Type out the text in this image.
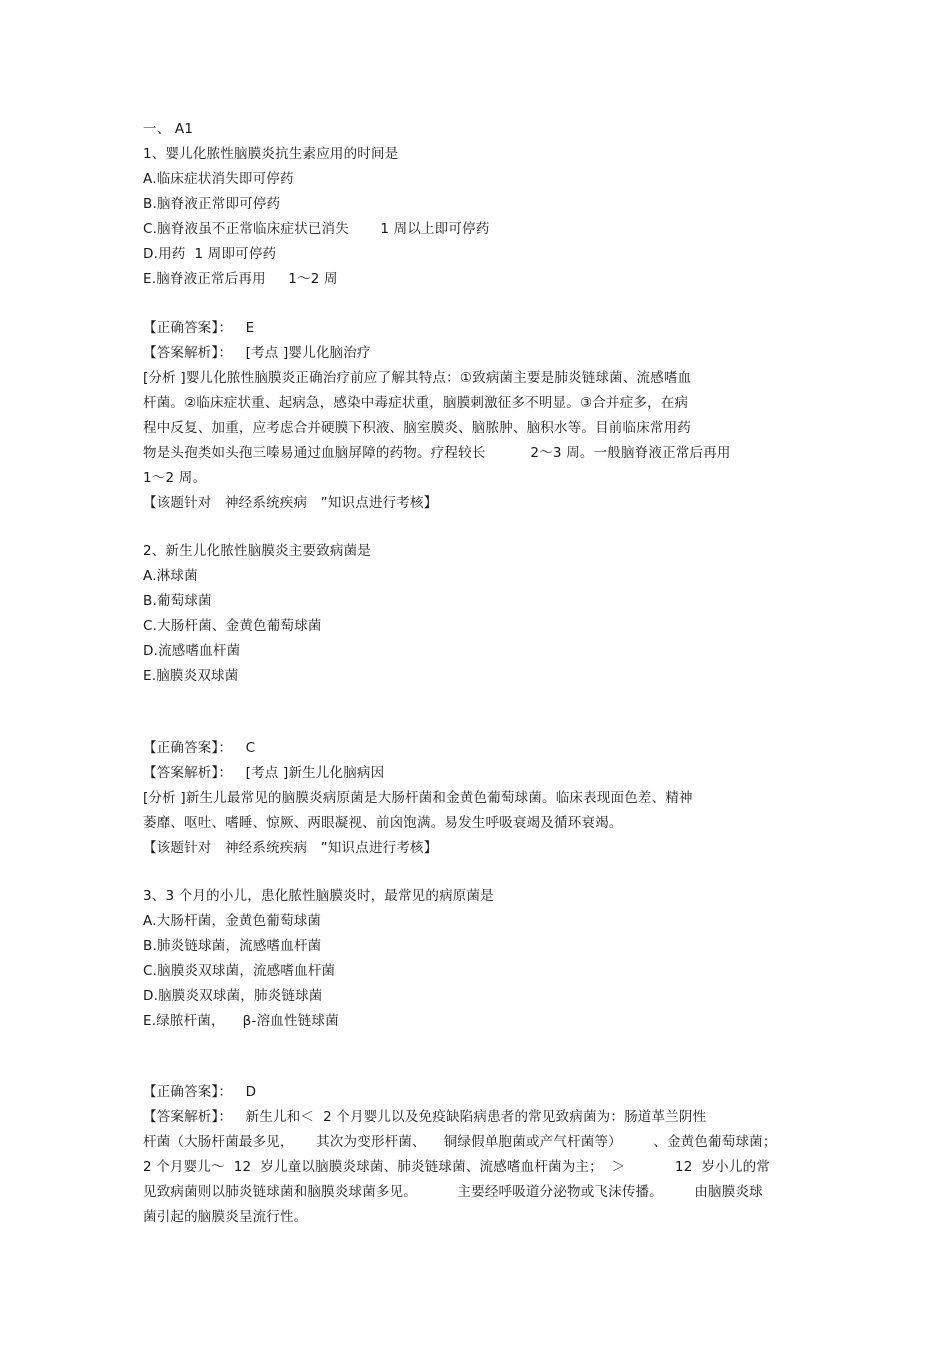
一、 A1
1、婴儿化脓性脑膜炎抗生素应用的时间是
A.临床症状消失即可停药
B.脑脊液正常即可停药
C.脑脊液虽不正常临床症状已消失       1 周以上即可停药
D.用药  1 周即可停药
E.脑脊液正常后再用     1～2 周
【正确答案】：   E
【答案解析】：   [考点 ]婴儿化脑治疗
[分析 ]婴儿化脓性脑膜炎正确治疗前应了解其特点：①致病菌主要是肺炎链球菌、流感嗜血
杆菌。②临床症状重、起病急，感染中毒症状重，脑膜刺激征多不明显。③合并症多，在病
程中反复、加重，应考虑合并硬膜下积液、脑室膜炎、脑脓肿、脑积水等。目前临床常用药
物是头孢类如头孢三嗪易通过血脑屏障的药物。疗程较长          2～3 周。一般脑脊液正常后再用
1～2 周。
【该题针对   神经系统疾病   ”知识点进行考核】
2、新生儿化脓性脑膜炎主要致病菌是
A.淋球菌
B.葡萄球菌
C.大肠杆菌、金黄色葡萄球菌
D.流感嗜血杆菌
E.脑膜炎双球菌
【正确答案】：   C
【答案解析】：   [考点 ]新生儿化脑病因
[分析 ]新生儿最常见的脑膜炎病原菌是大肠杆菌和金黄色葡萄球菌。临床表现面色差、精神
萎靡、呕吐、嗜睡、惊厥、两眼凝视、前囟饱满。易发生呼吸衰竭及循环衰竭。
【该题针对   神经系统疾病   ”知识点进行考核】
3、3 个月的小儿，患化脓性脑膜炎时，最常见的病原菌是
A.大肠杆菌，金黄色葡萄球菌
B.肺炎链球菌，流感嗜血杆菌
C.脑膜炎双球菌，流感嗜血杆菌
D.脑膜炎双球菌，肺炎链球菌
E.绿脓杆菌，    β-溶血性链球菌
【正确答案】：   D
【答案解析】：   新生儿和＜  2 个月婴儿以及免疫缺陷病患者的常见致病菌为：肠道革兰阴性
杆菌（大肠杆菌最多见，     其次为变形杆菌、    铜绿假单胞菌或产气杆菌等）       、金黄色葡萄球菌；
2 个月婴儿～  12  岁儿童以脑膜炎球菌、肺炎链球菌、流感嗜血杆菌为主；  ＞           12  岁小儿的常
见致病菌则以肺炎链球菌和脑膜炎球菌多见。         主要经呼吸道分泌物或飞沫传播。       由脑膜炎球
菌引起的脑膜炎呈流行性。
